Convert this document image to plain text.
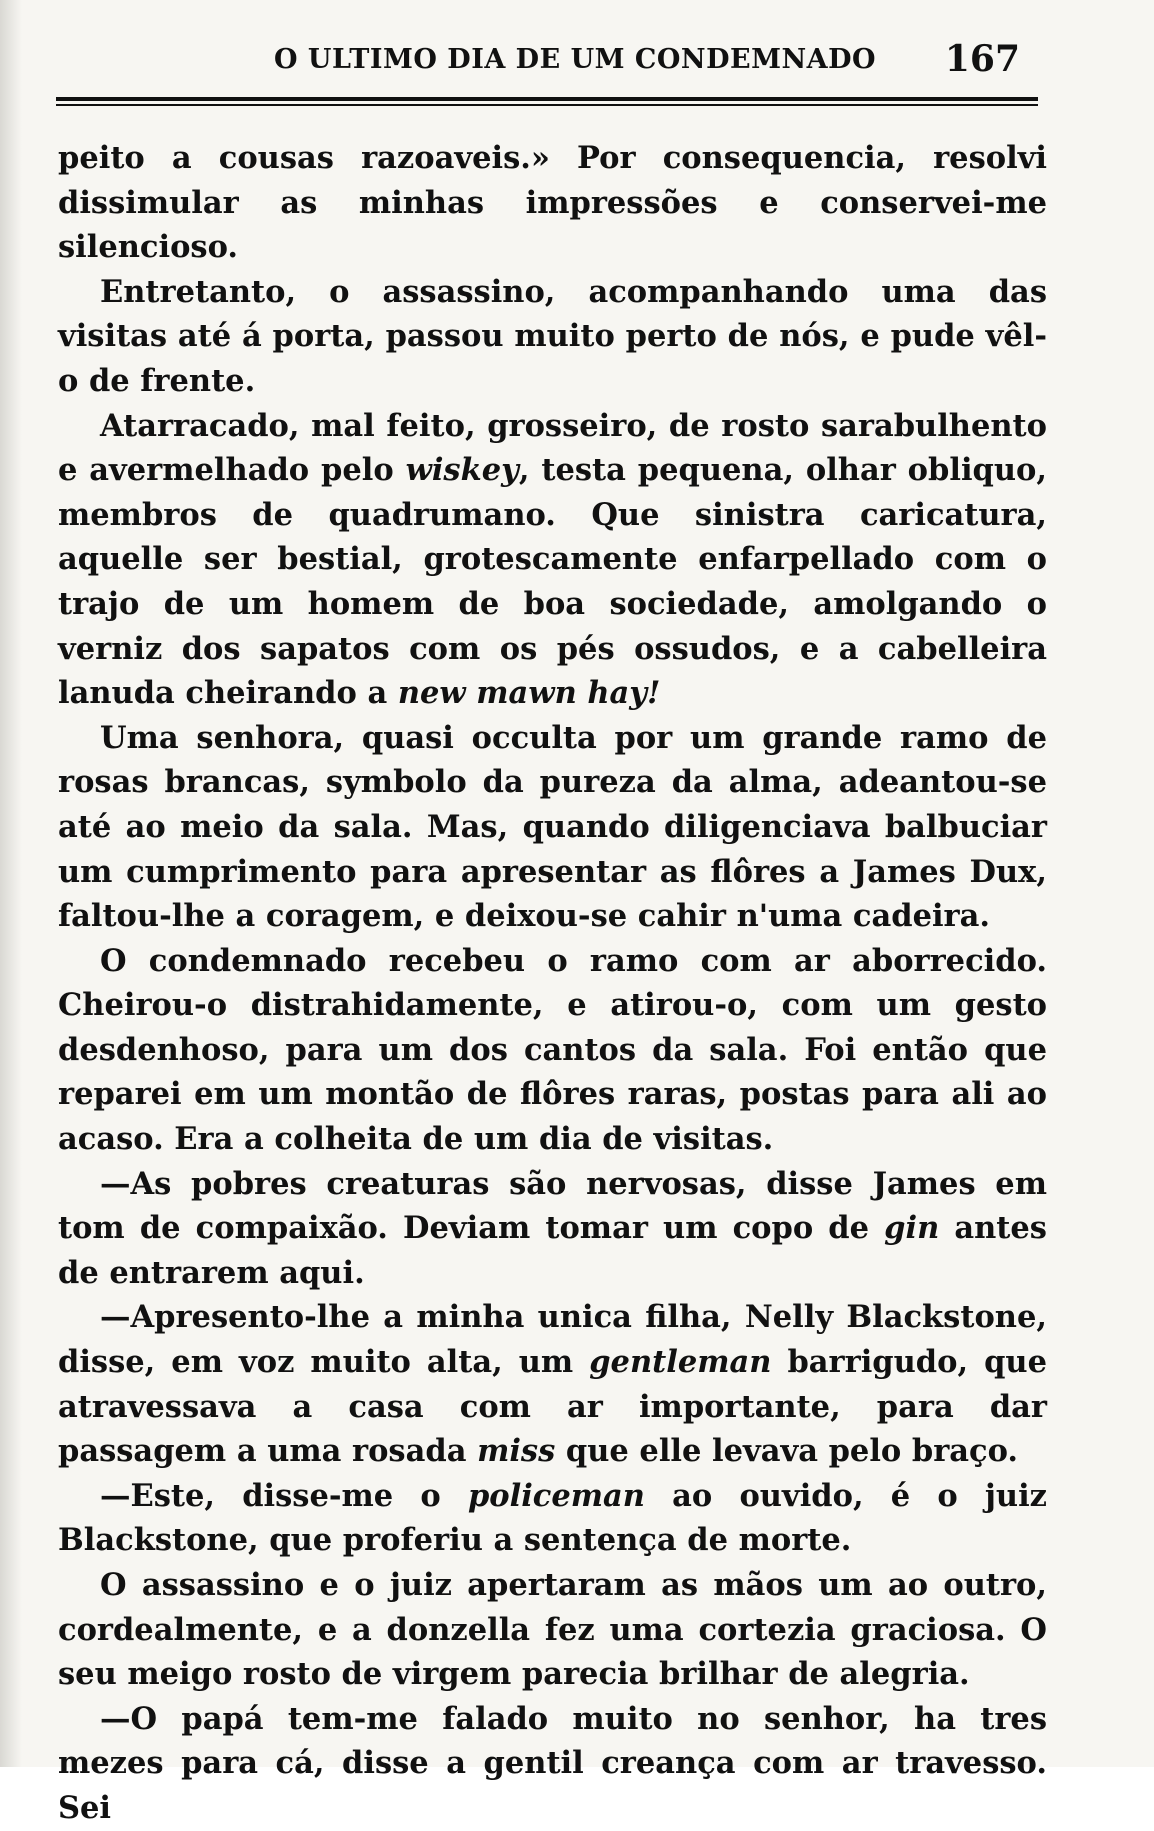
O ULTIMO DIA DE UM CONDEMNADO 167

peito a cousas razoaveis.» Por consequencia, resolvi dissimular as minhas impressões e conservei-me silencioso.

Entretanto, o assassino, acompanhando uma das visitas até á porta, passou muito perto de nós, e pude vêl-o de frente.

Atarracado, mal feito, grosseiro, de rosto sarabulhento e avermelhado pelo wiskey, testa pequena, olhar obliquo, membros de quadrumano. Que sinistra caricatura, aquelle ser bestial, grotescamente enfarpellado com o trajo de um homem de boa sociedade, amolgando o verniz dos sapatos com os pés ossudos, e a cabelleira lanuda cheirando a new mawn hay!

Uma senhora, quasi occulta por um grande ramo de rosas brancas, symbolo da pureza da alma, adeantou-se até ao meio da sala. Mas, quando diligenciava balbuciar um cumprimento para apresentar as flôres a James Dux, faltou-lhe a coragem, e deixou-se cahir n'uma cadeira.

O condemnado recebeu o ramo com ar aborrecido. Cheirou-o distrahidamente, e atirou-o, com um gesto desdenhoso, para um dos cantos da sala. Foi então que reparei em um montão de flôres raras, postas para ali ao acaso. Era a colheita de um dia de visitas.

—As pobres creaturas são nervosas, disse James em tom de compaixão. Deviam tomar um copo de gin antes de entrarem aqui.

—Apresento-lhe a minha unica filha, Nelly Blackstone, disse, em voz muito alta, um gentleman barrigudo, que atravessava a casa com ar importante, para dar passagem a uma rosada miss que elle levava pelo braço.

—Este, disse-me o policeman ao ouvido, é o juiz Blackstone, que proferiu a sentença de morte.

O assassino e o juiz apertaram as mãos um ao outro, cordealmente, e a donzella fez uma cortezia graciosa. O seu meigo rosto de virgem parecia brilhar de alegria.

—O papá tem-me falado muito no senhor, ha tres mezes para cá, disse a gentil creança com ar travesso. Sei
